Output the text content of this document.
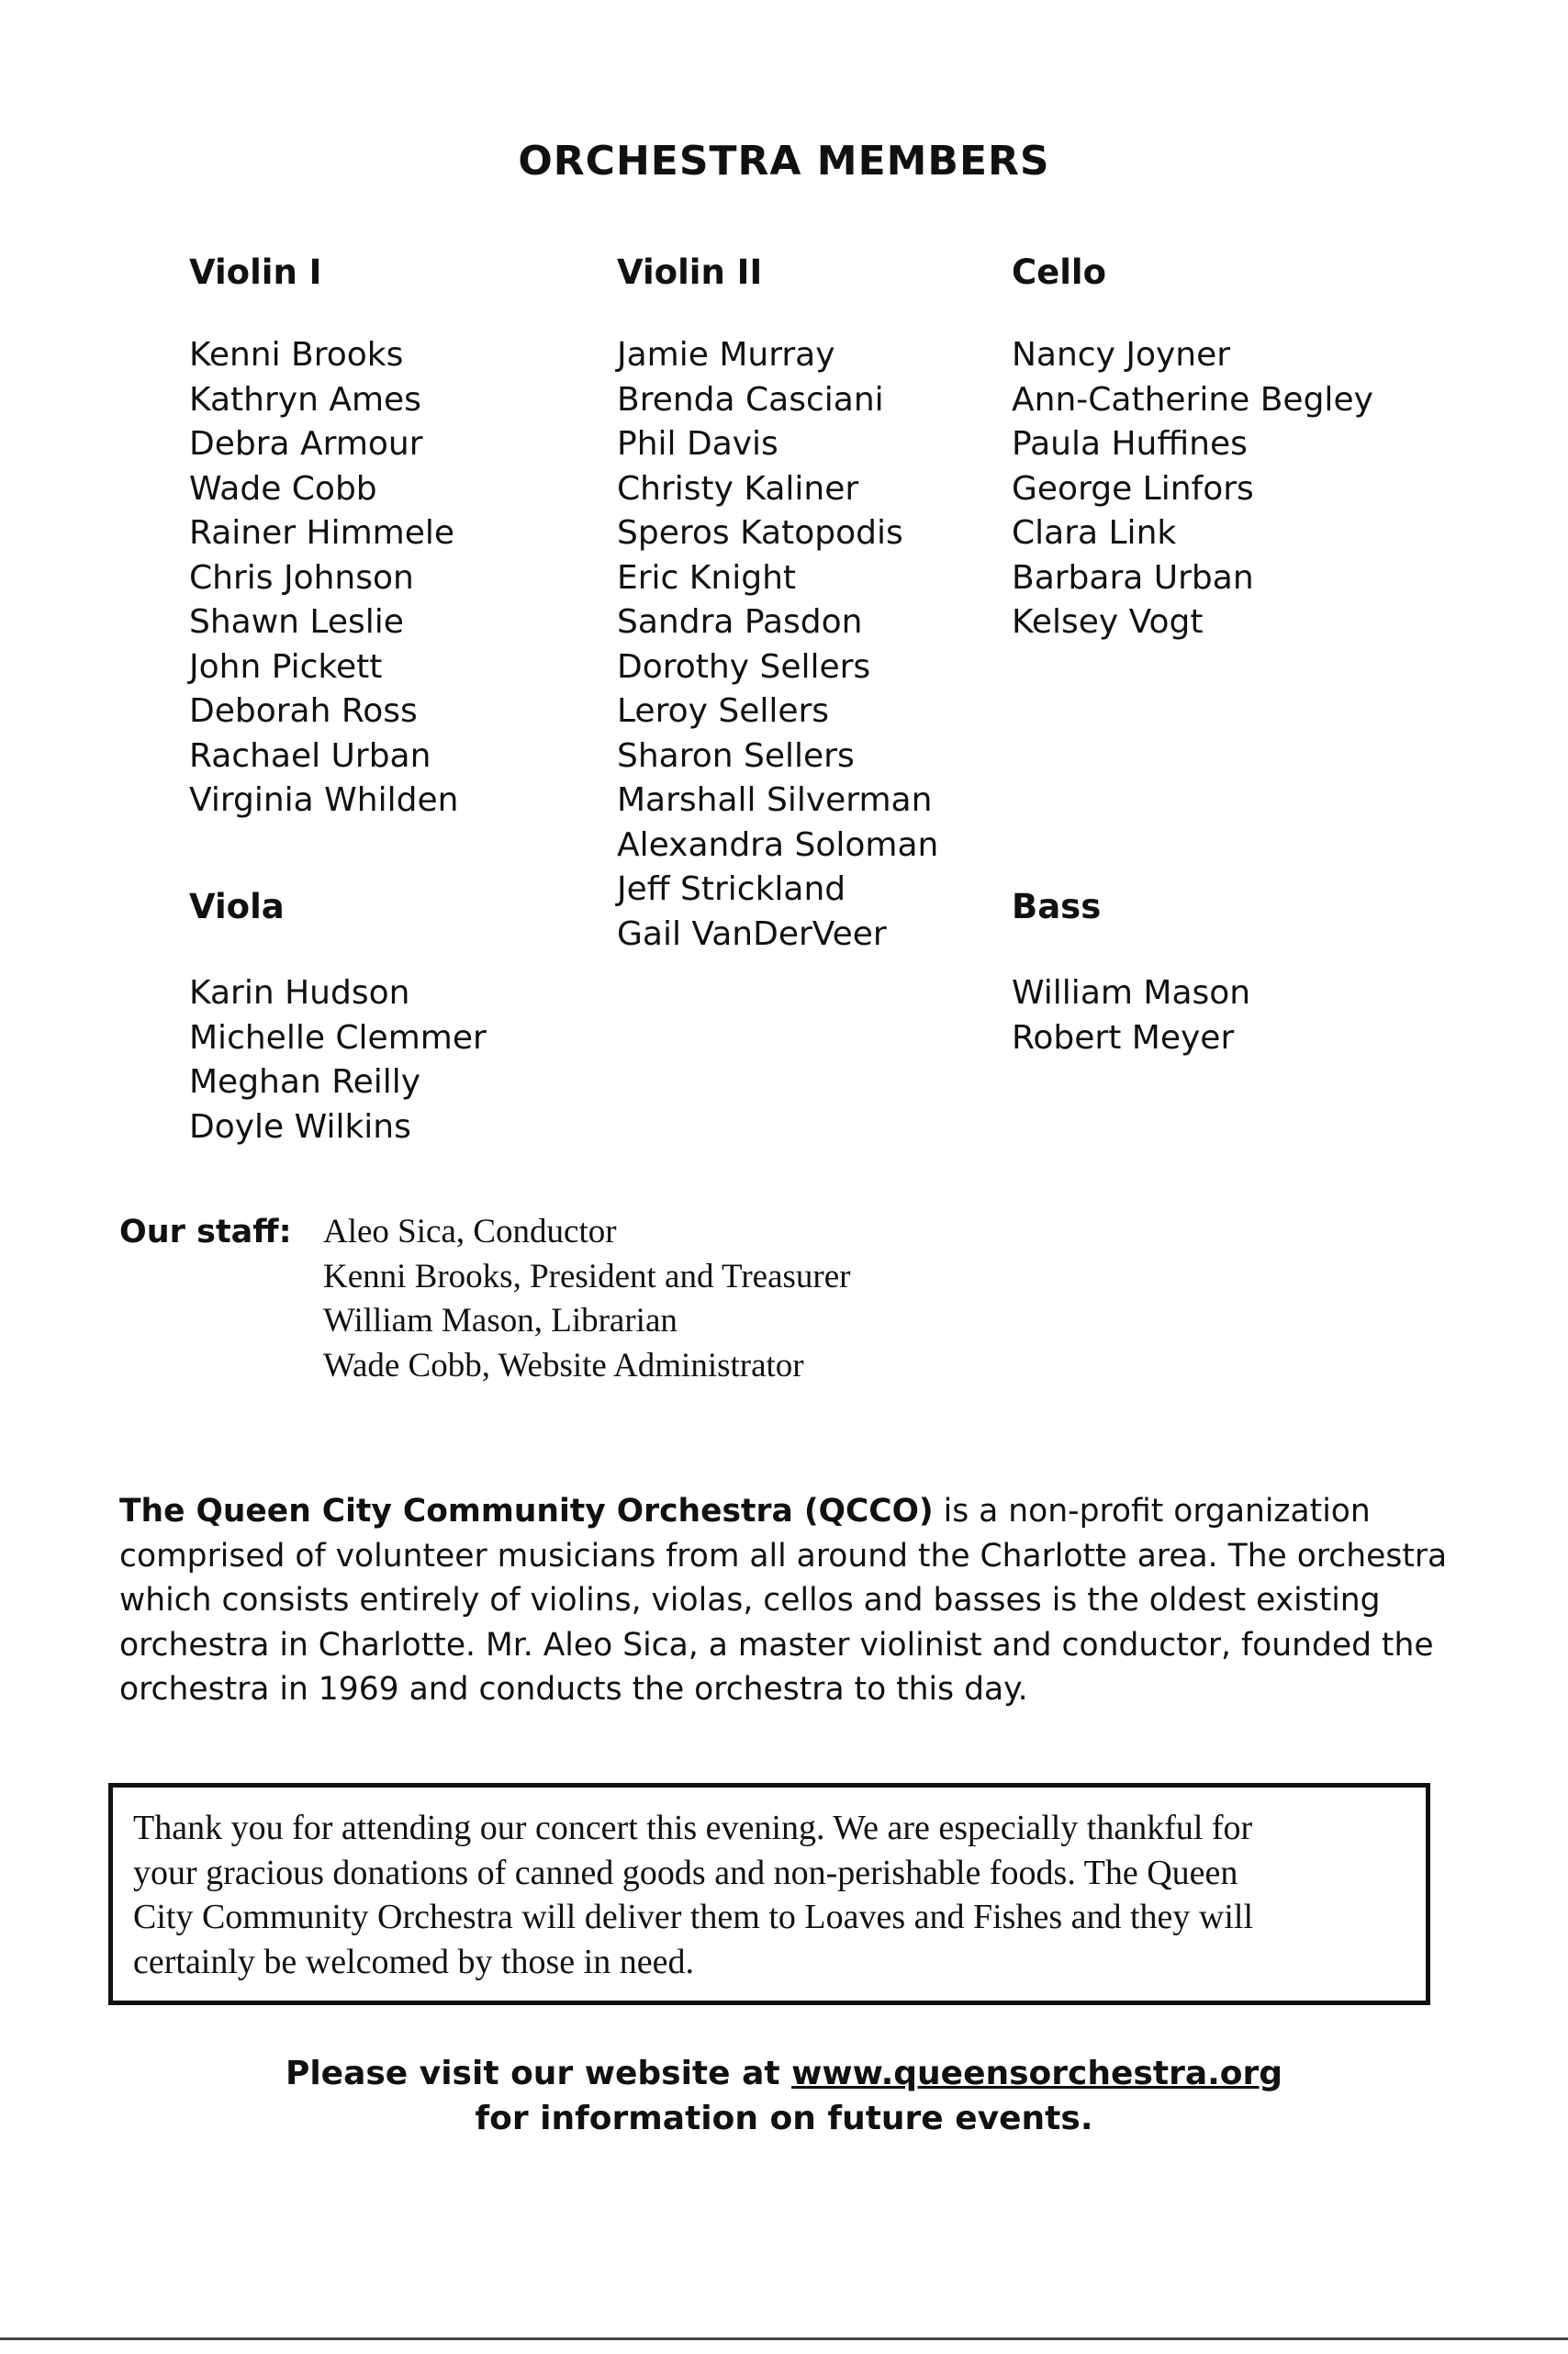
ORCHESTRA MEMBERS
Violin I
Kenni Brooks
Kathryn Ames
Debra Armour
Wade Cobb
Rainer Himmele
Chris Johnson
Shawn Leslie
John Pickett
Deborah Ross
Rachael Urban
Virginia Whilden
Violin II
Jamie Murray
Brenda Casciani
Phil Davis
Christy Kaliner
Speros Katopodis
Eric Knight
Sandra Pasdon
Dorothy Sellers
Leroy Sellers
Sharon Sellers
Marshall Silverman
Alexandra Soloman
Jeff Strickland
Gail VanDerVeer
Cello
Nancy Joyner
Ann-Catherine Begley
Paula Huffines
George Linfors
Clara Link
Barbara Urban
Kelsey Vogt
Viola
Karin Hudson
Michelle Clemmer
Meghan Reilly
Doyle Wilkins
Bass
William Mason
Robert Meyer
Our staff: Aleo Sica, Conductor
Kenni Brooks, President and Treasurer
William Mason, Librarian
Wade Cobb, Website Administrator
The Queen City Community Orchestra (QCCO) is a non-profit organization
comprised of volunteer musicians from all around the Charlotte area. The orchestra
which consists entirely of violins, violas, cellos and basses is the oldest existing
orchestra in Charlotte. Mr. Aleo Sica, a master violinist and conductor, founded the
orchestra in 1969 and conducts the orchestra to this day.
Thank you for attending our concert this evening. We are especially thankful for
your gracious donations of canned goods and non-perishable foods. The Queen
City Community Orchestra will deliver them to Loaves and Fishes and they will
certainly be welcomed by those in need.
Please visit our website at www.queensorchestra.org
for information on future events.
